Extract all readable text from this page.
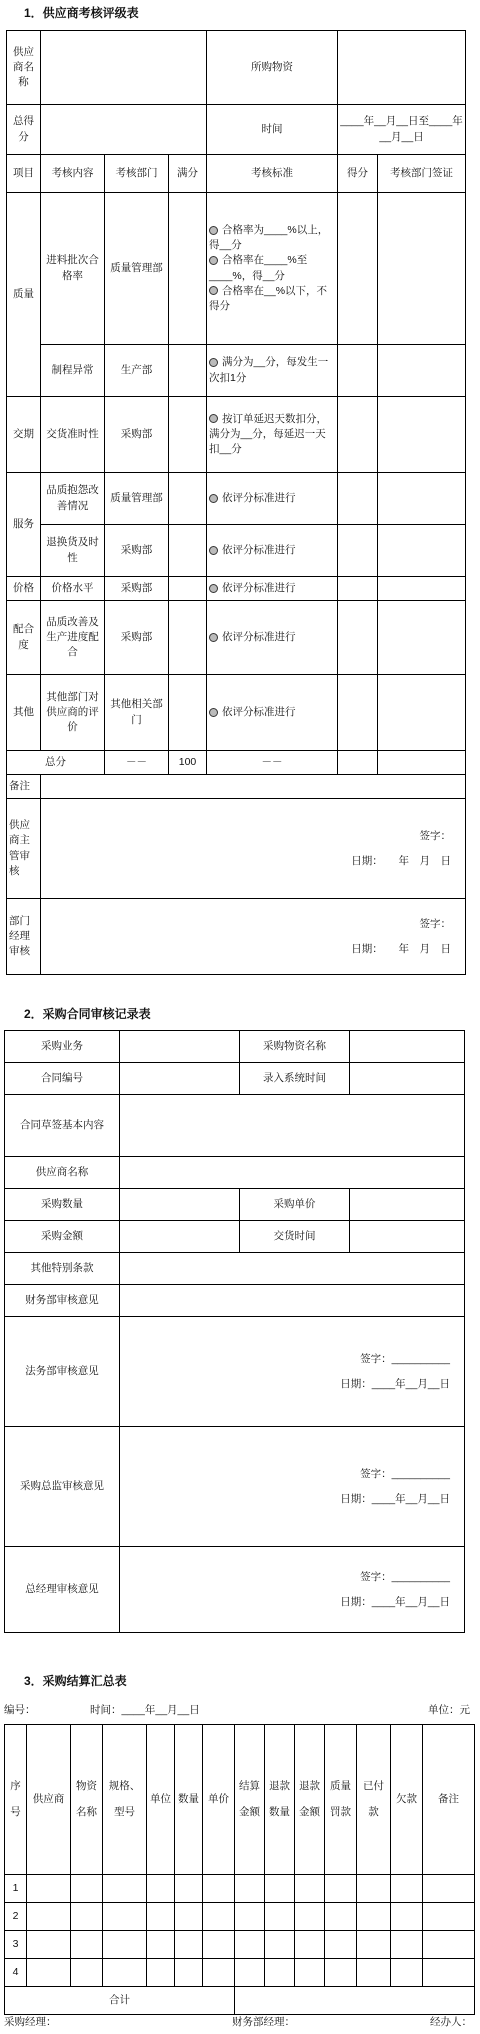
1．供应商考核评级表
供应商名称				所购物资		
总得分				时间	____年__月__日至____年__月__日	
项目	考核内容	考核部门	满分	考核标准	得分	考核部门签证
质量	进料批次合格率	质量管理部		合格率为____%以上，得__分
合格率在____%至____%，得__分
合格率在__%以下，不得分		

	制程异常	生产部		满分为__分，每发生一次扣1分		
交期	交货准时性	采购部		按订单延迟天数扣分，满分为__分，每延迟一天扣__分		
服务	品质抱怨改善情况	质量管理部		依评分标准进行		
	退换货及时性	采购部		依评分标准进行		
价格	价格水平	采购部		依评分标准进行		
配合度	品质改善及生产进度配合	采购部		依评分标准进行		
其他	其他部门对供应商的评价	其他相关部门		依评分标准进行		
总分		－－	100	－－		
备注						
供应商主管审核	签字：
日期：　　年　月　日					

部门经理审核	签字：
日期：　　年　月　日					
2．采购合同审核记录表
采购业务		采购物资名称	
合同编号		录入系统时间	
合同草签基本内容			
供应商名称			
采购数量		采购单价	
采购金额		交货时间	
其他特别条款			
财务部审核意见			
法务部审核意见	签字：__________
日期：____年__月__日		

采购总监审核意见	签字：__________
日期：____年__月__日		

总经理审核意见	签字：__________
日期：____年__月__日		
3．采购结算汇总表
编号：	时间：____年__月__日	单位：元
序号	供应商	物资名称	规格、型号	单位	数量	单价	结算金额	退款数量	退款金额	质量罚款	已付款	欠款	备注
1													
2													
3													
4													
合计													
采购经理：	财务部经理：	经办人：
